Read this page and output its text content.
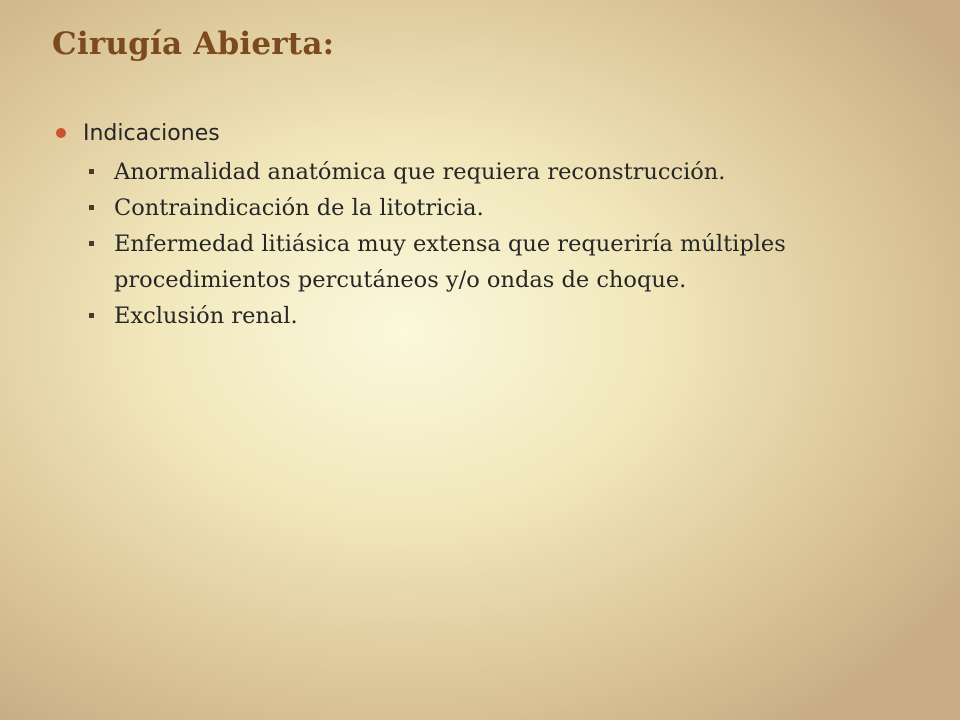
Cirugía Abierta:
Indicaciones
Anormalidad anatómica que requiera reconstrucción.
Contraindicación de la litotricia.
Enfermedad litiásica muy extensa que requeriría múltiples procedimientos percutáneos y/o ondas de choque.
Exclusión renal.
